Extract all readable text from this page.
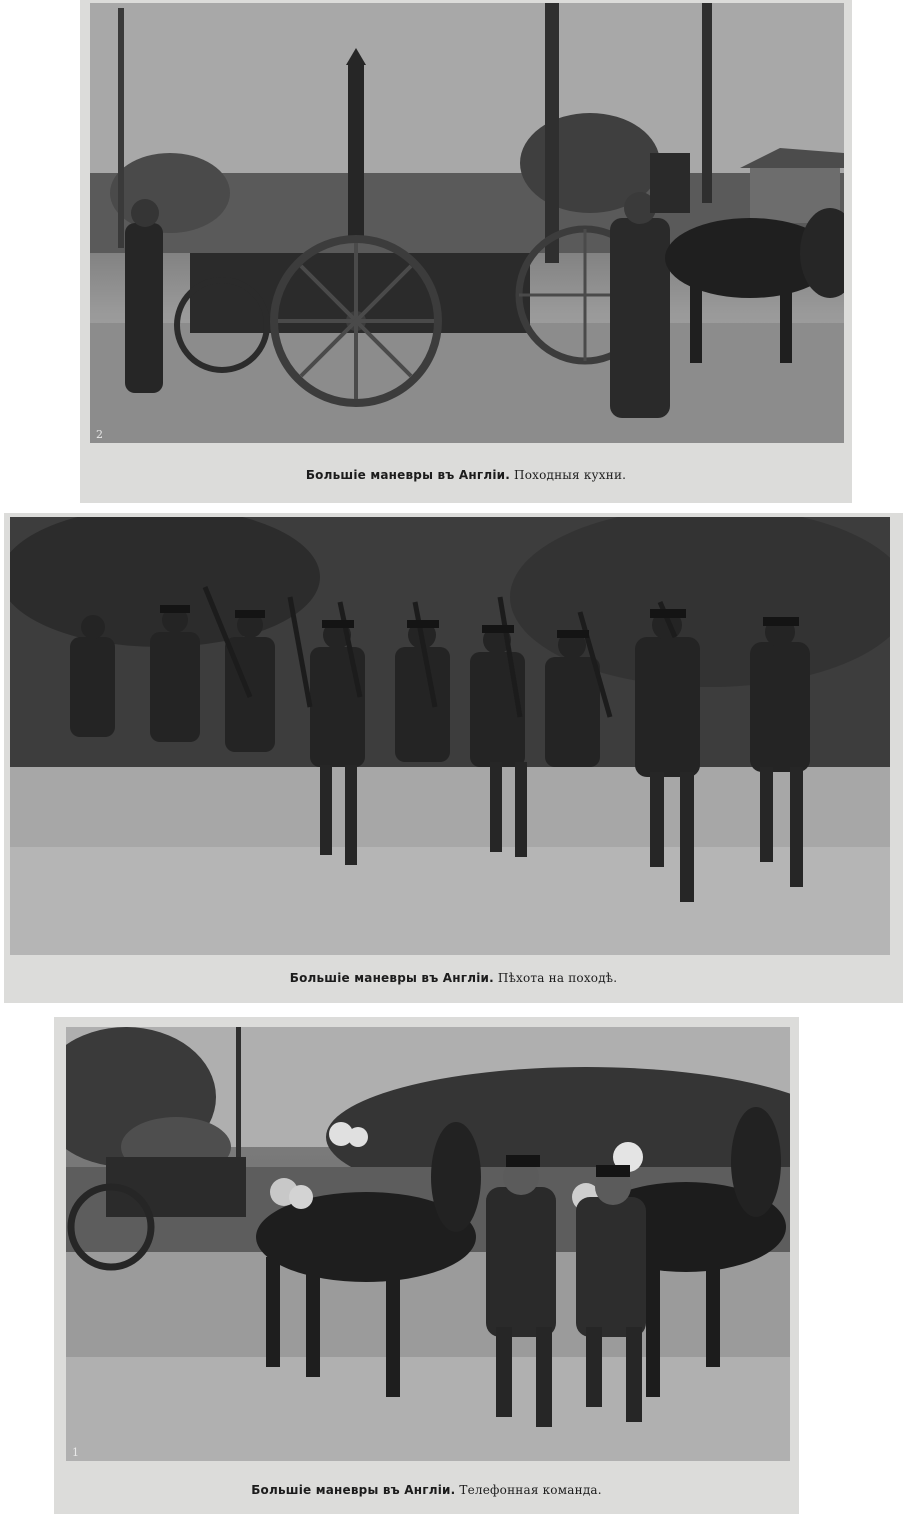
2
Большіе маневры въ Англіи. Походныя кухни.
Большіе маневры въ Англіи. Пѣхота на походѣ.
1
Большіе маневры въ Англіи. Телефонная команда.
